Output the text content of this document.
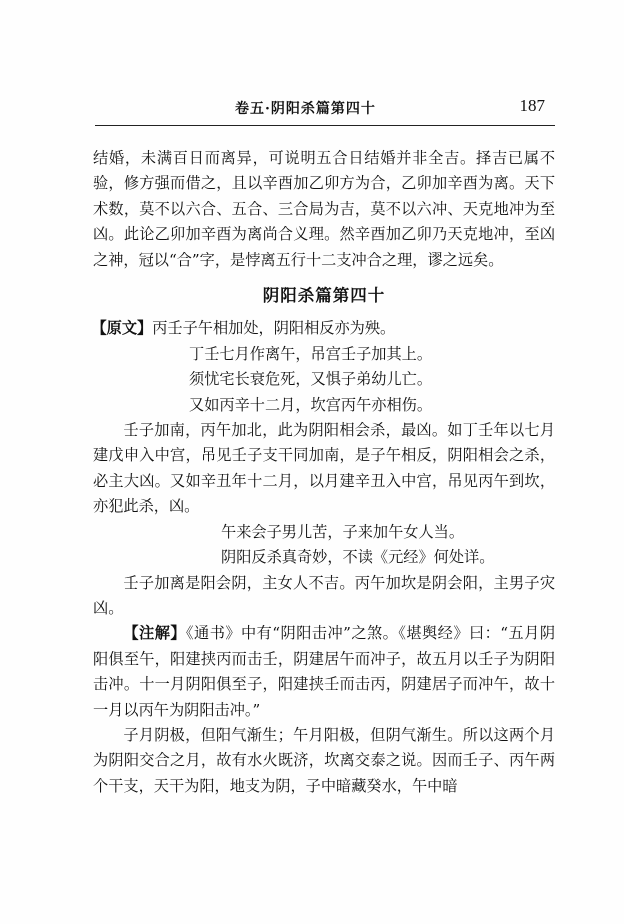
卷五·阴阳杀篇第四十	187

结婚，未满百日而离异，可说明五合日结婚并非全吉。择吉已属不验，修方强而借之，且以辛酉加乙卯方为合，乙卯加辛酉为离。天下术数，莫不以六合、五合、三合局为吉，莫不以六冲、天克地冲为至凶。此论乙卯加辛酉为离尚合义理。然辛酉加乙卯乃天克地冲，至凶之神，冠以“合”字，是悖离五行十二支冲合之理，谬之远矣。

阴阳杀篇第四十

【原文】丙壬子午相加处，阴阳相反亦为殃。

丁壬七月作离午，吊宫壬子加其上。

须忧宅长衰危死，又惧子弟幼儿亡。

又如丙辛十二月，坎宫丙午亦相伤。

壬子加南，丙午加北，此为阴阳相会杀，最凶。如丁壬年以七月建戊申入中宫，吊见壬子支干同加南，是子午相反，阴阳相会之杀，必主大凶。又如辛丑年十二月，以月建辛丑入中宫，吊见丙午到坎，亦犯此杀，凶。

午来会子男儿苦，子来加午女人当。

阴阳反杀真奇妙，不读《元经》何处详。

壬子加离是阳会阴，主女人不吉。丙午加坎是阴会阳，主男子灾凶。

【注解】《通书》中有“阴阳击冲”之煞。《堪舆经》曰：“五月阴阳俱至午，阳建挟丙而击壬，阴建居午而冲子，故五月以壬子为阴阳击冲。十一月阴阳俱至子，阳建挟壬而击丙，阴建居子而冲午，故十一月以丙午为阴阳击冲。”

子月阴极，但阳气渐生；午月阳极，但阴气渐生。所以这两个月为阴阳交合之月，故有水火既济，坎离交泰之说。因而壬子、丙午两个干支，天干为阳，地支为阴，子中暗藏癸水，午中暗
